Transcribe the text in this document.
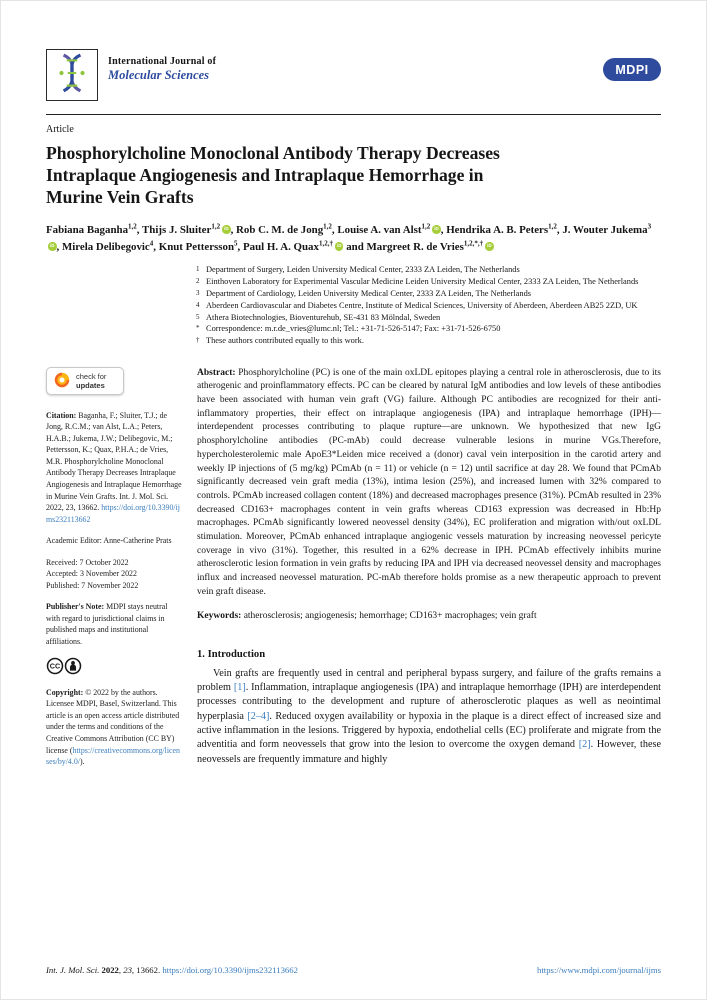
International Journal of
Molecular Sciences	MDPI
Article
Phosphorylcholine Monoclonal Antibody Therapy Decreases
Intraplaque Angiogenesis and Intraplaque Hemorrhage in
Murine Vein Grafts

Fabiana Baganha$^{1,2}$, Thijs J. Sluiter$^{1,2}$ iD , Rob C. M. de Jong$^{1,2}$, Louise A. van Alst$^{1,2}$ iD , Hendrika A. B. Peters$^{1,2}$, J. Wouter Jukema$^3$iD , Mirela Delibegovic$^4$, Knut Pettersson$^5$, Paul H. A. Quax$^{1,2,\dagger}$ iD and Margreet R. de Vries$^{1,2,*,\dagger}$ iD

1 Department of Surgery, Leiden University Medical Center, 2333 ZA Leiden, The Netherlands
2 Einthoven Laboratory for Experimental Vascular Medicine Leiden University Medical Center, 2333 ZA Leiden, The Netherlands
3 Department of Cardiology, Leiden University Medical Center, 2333 ZA Leiden, The Netherlands
4 Aberdeen Cardiovascular and Diabetes Centre, Institute of Medical Sciences, University of Aberdeen, Aberdeen AB25 2ZD, UK
5 Athera Biotechnologies, Bioventurehub, SE-431 83 Mölndal, Sweden
* Correspondence: m.r.de_vries@lumc.nl; Tel.: +31-71-526-5147; Fax: +31-71-526-6750
† These authors contributed equally to this work.
check for
updates

Citation: Baganha, F.; Sluiter, T.J.; de Jong, R.C.M.; van Alst, L.A.; Peters, H.A.B.; Jukema, J.W.; Delibegovic, M.; Pettersson, K.; Quax, P.H.A.; de Vries, M.R. Phosphorylcholine Monoclonal Antibody Therapy Decreases Intraplaque Angiogenesis and Intraplaque Hemorrhage in Murine Vein Grafts. Int. J. Mol. Sci. 2022, 23, 13662. https://doi.org/10.3390/ijms232113662

Academic Editor: Anne-Catherine Prats

Received: 7 October 2022
Accepted: 3 November 2022
Published: 7 November 2022

Publisher's Note: MDPI stays neutral with regard to jurisdictional claims in published maps and institutional affiliations.

CC

Copyright: © 2022 by the authors. Licensee MDPI, Basel, Switzerland. This article is an open access article distributed under the terms and conditions of the Creative Commons Attribution (CC BY) license (https://creativecommons.org/licenses/by/4.0/).

Abstract: Phosphorylcholine (PC) is one of the main oxLDL epitopes playing a central role in atherosclerosis, due to its atherogenic and proinflammatory effects. PC can be cleared by natural IgM antibodies and low levels of these antibodies have been associated with human vein graft (VG) failure. Although PC antibodies are recognized for their anti-inflammatory properties, their effect on intraplaque angiogenesis (IPA) and intraplaque hemorrhage (IPH)—interdependent processes contributing to plaque rupture—are unknown. We hypothesized that new IgG phosphorylcholine antibodies (PC-mAb) could decrease vulnerable lesions in murine VGs.Therefore, hypercholesterolemic male ApoE3*Leiden mice received a (donor) caval vein interposition in the carotid artery and weekly IP injections of (5 mg/kg) PCmAb (n = 11) or vehicle (n = 12) until sacrifice at day 28. We found that PCmAb significantly decreased vein graft media (13%), intima lesion (25%), and increased lumen with 32% compared to controls. PCmAb increased collagen content (18%) and decreased macrophages presence (31%). PCmAb resulted in 23% decreased CD163+ macrophages content in vein grafts whereas CD163 expression was decreased in Hb:Hp macrophages. PCmAb significantly lowered neovessel density (34%), EC proliferation and migration with/out oxLDL stimulation. Moreover, PCmAb enhanced intraplaque angiogenic vessels maturation by increasing neovessel pericyte coverage in vivo (31%). Together, this resulted in a 62% decrease in IPH. PCmAb effectively inhibits murine atherosclerotic lesion formation in vein grafts by reducing IPA and IPH via decreased neovessel density and macrophages influx and increased neovessel maturation. PC-mAb therefore holds promise as a new therapeutic approach to prevent vein graft disease.

Keywords: atherosclerosis; angiogenesis; hemorrhage; CD163+ macrophages; vein graft

1. Introduction

Vein grafts are frequently used in central and peripheral bypass surgery, and failure of the grafts remains a problem [1]. Inflammation, intraplaque angiogenesis (IPA) and intraplaque hemorrhage (IPH) are interdependent processes contributing to the development and rupture of atherosclerotic plaques as well as neointimal hyperplasia [2–4]. Reduced oxygen availability or hypoxia in the plaque is a direct effect of increased size and active inflammation in the lesions. Triggered by hypoxia, endothelial cells (EC) proliferate and migrate from the adventitia and form neovessels that grow into the lesion to overcome the oxygen demand [2]. However, these neovessels are frequently immature and highly

Int. J. Mol. Sci. 2022, 23, 13662. https://doi.org/10.3390/ijms232113662	https://www.mdpi.com/journal/ijms
